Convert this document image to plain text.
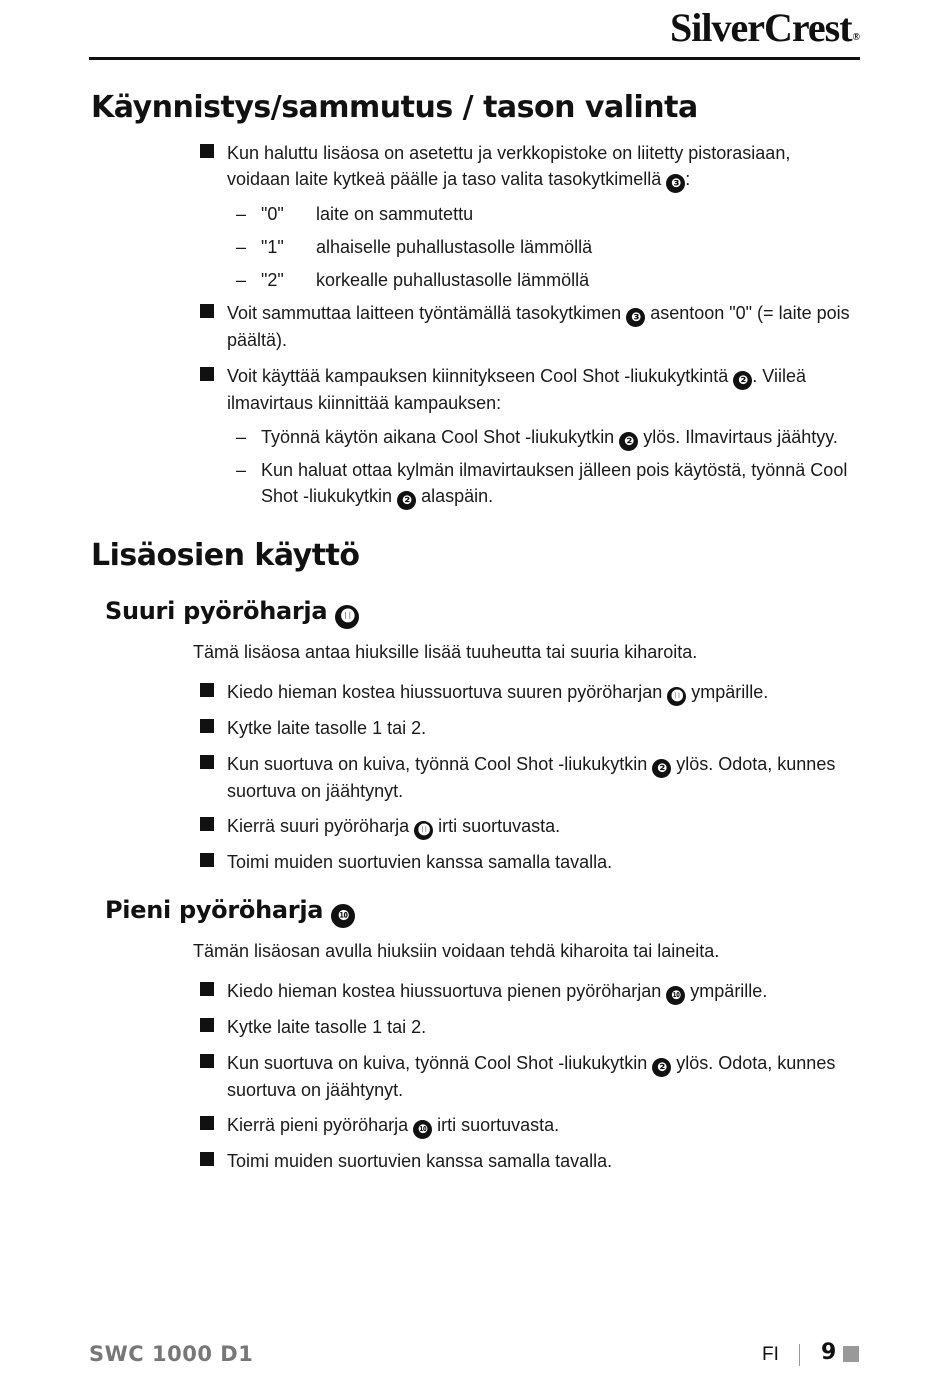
SilverCrest®
Käynnistys/sammutus / tason valinta
Kun haluttu lisäosa on asetettu ja verkkopistoke on liitetty pistorasiaan, voidaan laite kytkeä päälle ja taso valita tasokytkimellä ❸ :
– "0" laite on sammutettu
– "1" alhaiselle puhallustasolle lämmöllä
– "2" korkealle puhallustasolle lämmöllä
Voit sammuttaa laitteen työntämällä tasokytkimen ❸ asentoon "0" (= laite pois päältä).
Voit käyttää kampauksen kiinnitykseen Cool Shot -liukukytkintä ❷ . Viileä ilmavirtaus kiinnittää kampauksen:
– Työnnä käytön aikana Cool Shot -liukukytkin ❷ ylös. Ilmavirtaus jäähtyy.
– Kun haluat ottaa kylmän ilmavirtauksen jälleen pois käytöstä, työnnä Cool Shot -liukukytkin ❷ alaspäin.
Lisäosien käyttö
Suuri pyöröharja ⓫
Tämä lisäosa antaa hiuksille lisää tuuheutta tai suuria kiharoita.
Kiedo hieman kostea hiussuortuva suuren pyöröharjan ⓫ ympärille.
Kytke laite tasolle 1 tai 2.
Kun suortuva on kuiva, työnnä Cool Shot -liukukytkin ❷ ylös. Odota, kunnes suortuva on jäähtynyt.
Kierrä suuri pyöröharja ⓫ irti suortuvasta.
Toimi muiden suortuvien kanssa samalla tavalla.
Pieni pyöröharja ❿
Tämän lisäosan avulla hiuksiin voidaan tehdä kiharoita tai laineita.
Kiedo hieman kostea hiussuortuva pienen pyöröharjan ❿ ympärille.
Kytke laite tasolle 1 tai 2.
Kun suortuva on kuiva, työnnä Cool Shot -liukukytkin ❷ ylös. Odota, kunnes suortuva on jäähtynyt.
Kierrä pieni pyöröharja ❿ irti suortuvasta.
Toimi muiden suortuvien kanssa samalla tavalla.
SWC 1000 D1	FI 9
